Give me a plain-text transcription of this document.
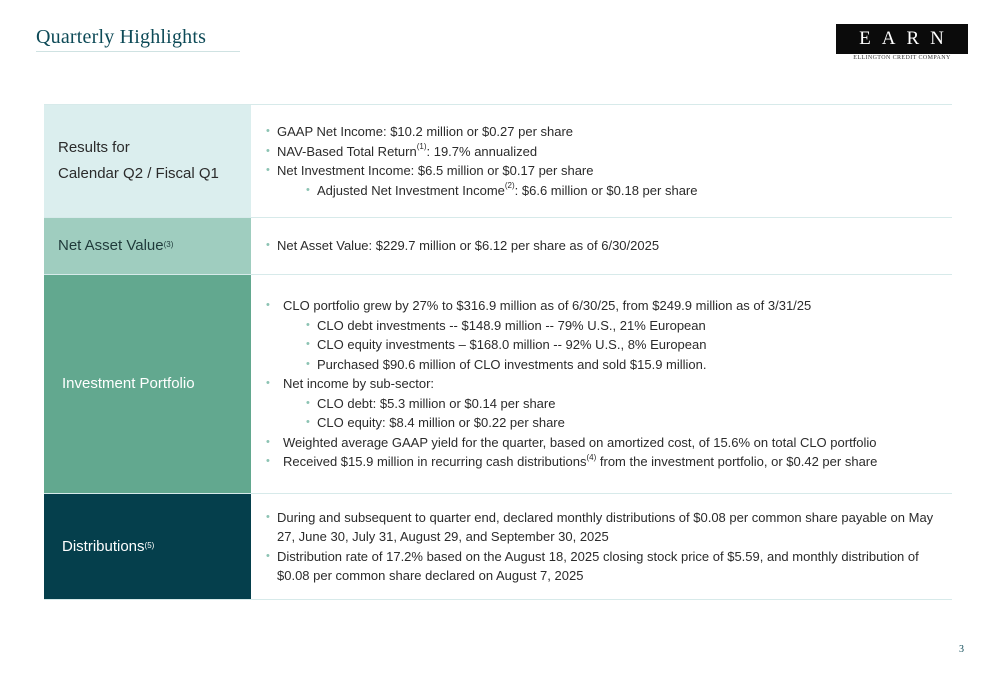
Quarterly Highlights	EARN
ELLINGTON CREDIT COMPANY
Results for
Calendar Q2 / Fiscal Q1
• GAAP Net Income: $10.2 million or $0.27 per share
• NAV-Based Total Return$^{(1)}$: 19.7% annualized
• Net Investment Income: $6.5 million or $0.17 per share
• Adjusted Net Investment Income$^{(2)}$: $6.6 million or $0.18 per share
Net Asset Value$^{(3)}$
•	Net Asset Value: $229.7 million or $6.12 per share as of 6/30/2025
Investment Portfolio
• CLO portfolio grew by 27% to $316.9 million as of 6/30/25, from $249.9 million as of 3/31/25
• CLO debt investments -- $148.9 million -- 79% U.S., 21% European
• CLO equity investments – $168.0 million -- 92% U.S., 8% European
• Purchased $90.6 million of CLO investments and sold $15.9 million.
• Net income by sub-sector:
• CLO debt: $5.3 million or $0.14 per share
• CLO equity: $8.4 million or $0.22 per share
• Weighted average GAAP yield for the quarter, based on amortized cost, of 15.6% on total CLO portfolio
• Received $15.9 million in recurring cash distributions$^{(4)}$ from the investment portfolio, or $0.42 per share
Distributions$^{(5)}$
• During and subsequent to quarter end, declared monthly distributions of $0.08 per common share payable on May 27, June 30, July 31, August 29, and September 30, 2025
• Distribution rate of 17.2% based on the August 18, 2025 closing stock price of $5.59, and monthly distribution of $0.08 per common share declared on August 7, 2025
3
